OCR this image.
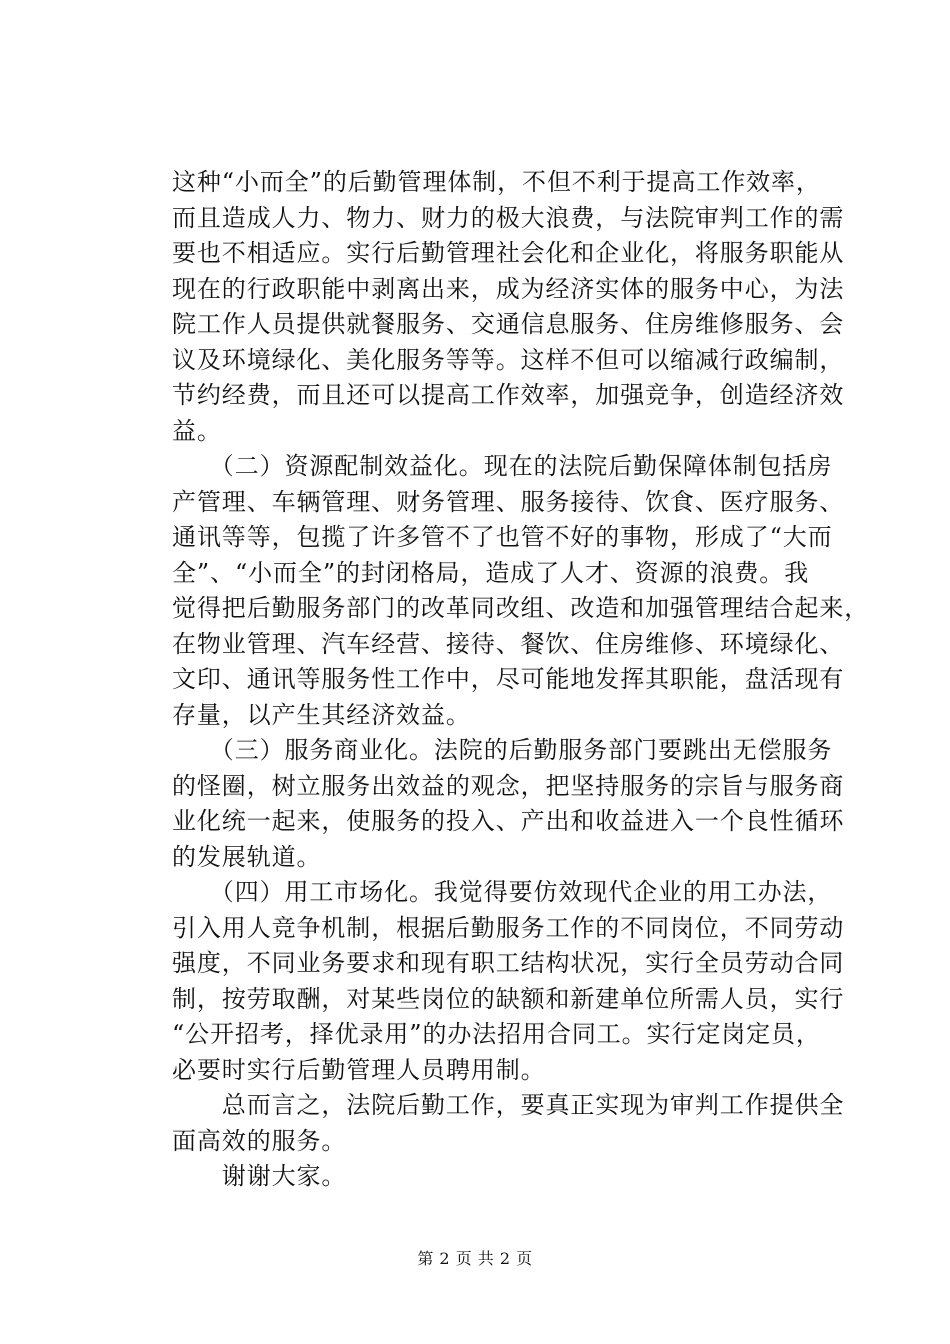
这种“小而全”的后勤管理体制，不但不利于提高工作效率，
而且造成人力、物力、财力的极大浪费，与法院审判工作的需
要也不相适应。实行后勤管理社会化和企业化，将服务职能从
现在的行政职能中剥离出来，成为经济实体的服务中心，为法
院工作人员提供就餐服务、交通信息服务、住房维修服务、会
议及环境绿化、美化服务等等。这样不但可以缩减行政编制，
节约经费，而且还可以提高工作效率，加强竞争，创造经济效
益。
　　（二）资源配制效益化。现在的法院后勤保障体制包括房
产管理、车辆管理、财务管理、服务接待、饮食、医疗服务、
通讯等等，包揽了许多管不了也管不好的事物，形成了“大而
全”、“小而全”的封闭格局，造成了人才、资源的浪费。我
觉得把后勤服务部门的改革同改组、改造和加强管理结合起来，
在物业管理、汽车经营、接待、餐饮、住房维修、环境绿化、
文印、通讯等服务性工作中，尽可能地发挥其职能，盘活现有
存量，以产生其经济效益。
　　（三）服务商业化。法院的后勤服务部门要跳出无偿服务
的怪圈，树立服务出效益的观念，把坚持服务的宗旨与服务商
业化统一起来，使服务的投入、产出和收益进入一个良性循环
的发展轨道。
　　（四）用工市场化。我觉得要仿效现代企业的用工办法，
引入用人竞争机制，根据后勤服务工作的不同岗位，不同劳动
强度，不同业务要求和现有职工结构状况，实行全员劳动合同
制，按劳取酬，对某些岗位的缺额和新建单位所需人员，实行
“公开招考，择优录用”的办法招用合同工。实行定岗定员，
必要时实行后勤管理人员聘用制。
　　总而言之，法院后勤工作，要真正实现为审判工作提供全
面高效的服务。
　　谢谢大家。
第 2 页 共 2 页
